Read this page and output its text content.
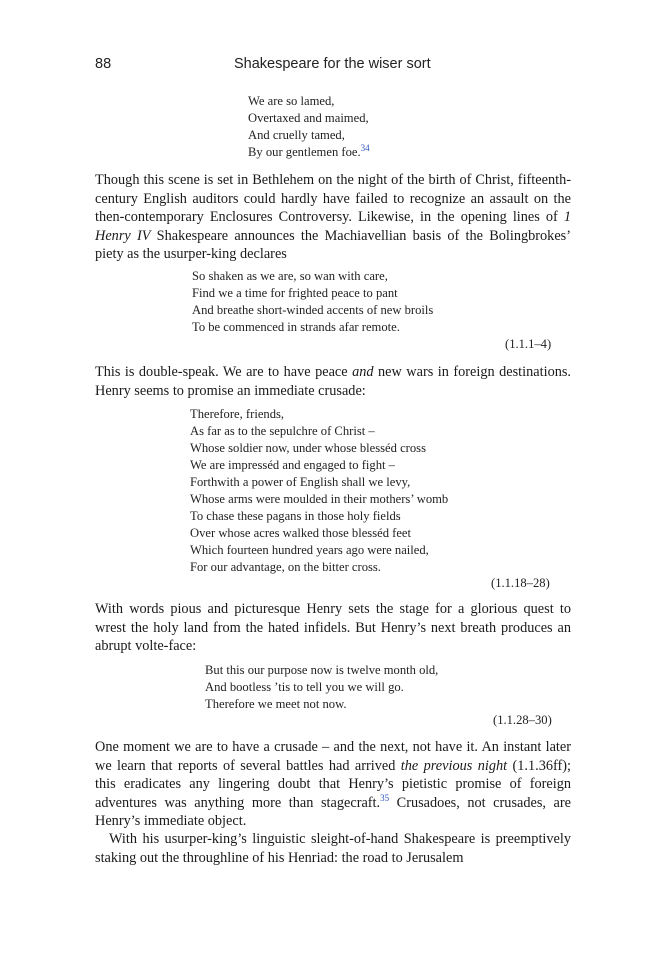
88	Shakespeare for the wiser sort
We are so lamed,
Overtaxed and maimed,
And cruelly tamed,
By our gentlemen foe.$^{34}$

Though this scene is set in Bethlehem on the night of the birth of Christ, fifteenth-century English auditors could hardly have failed to recognize an assault on the then-contemporary Enclosures Controversy. Likewise, in the opening lines of 1 Henry IV Shakespeare announces the Machiavellian basis of the Bolingbrokes’ piety as the usurper-king declares

So shaken as we are, so wan with care,
Find we a time for frighted peace to pant
And breathe short-winded accents of new broils
To be commenced in strands afar remote.
(1.1.1–4)

This is double-speak. We are to have peace and new wars in foreign destinations. Henry seems to promise an immediate crusade:

Therefore, friends,
As far as to the sepulchre of Christ –
Whose soldier now, under whose blesséd cross
We are impresséd and engaged to fight –
Forthwith a power of English shall we levy,
Whose arms were moulded in their mothers’ womb
To chase these pagans in those holy fields
Over whose acres walked those blesséd feet
Which fourteen hundred years ago were nailed,
For our advantage, on the bitter cross.
(1.1.18–28)

With words pious and picturesque Henry sets the stage for a glorious quest to wrest the holy land from the hated infidels. But Henry’s next breath produces an abrupt volte-face:

But this our purpose now is twelve month old,
And bootless ’tis to tell you we will go.
Therefore we meet not now.
(1.1.28–30)

One moment we are to have a crusade – and the next, not have it. An instant later we learn that reports of several battles had arrived the previous night (1.1.36ff); this eradicates any lingering doubt that Henry’s pietistic promise of foreign adventures was anything more than stagecraft.$^{35}$ Crusadoes, not crusades, are Henry’s immediate object.

With his usurper-king’s linguistic sleight-of-hand Shakespeare is preemptively staking out the throughline of his Henriad: the road to Jerusalem
